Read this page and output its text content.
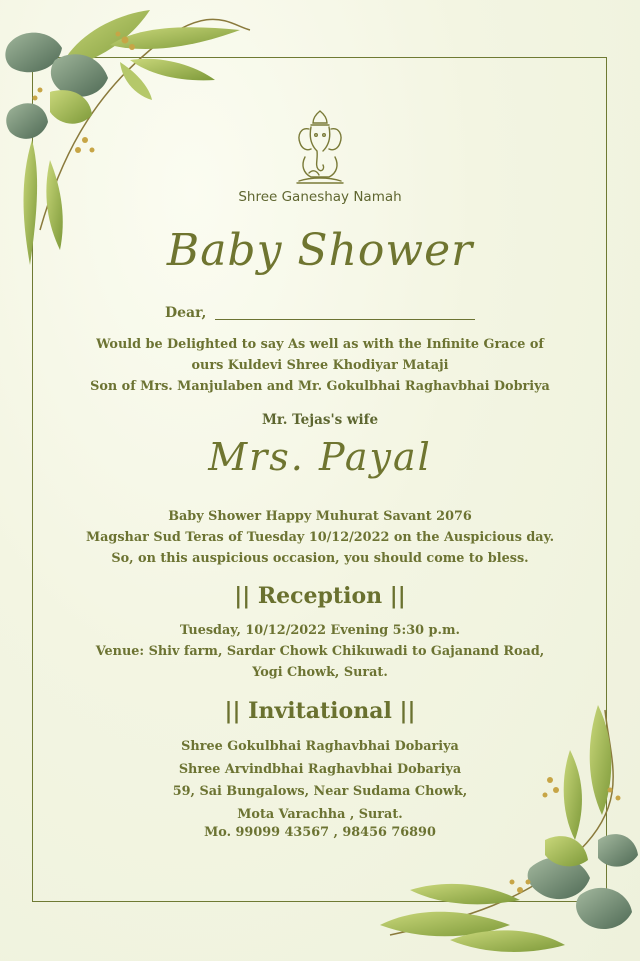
Shree Ganeshay Namah
Baby Shower
Dear,
Would be Delighted to say As well as with the Infinite Grace of
ours Kuldevi Shree Khodiyar Mataji
Son of Mrs. Manjulaben and Mr. Gokulbhai Raghavbhai Dobriya
Mr. Tejas's wife
Mrs. Payal
Baby Shower Happy Muhurat Savant 2076
Magshar Sud Teras of Tuesday 10/12/2022 on the Auspicious day.
So, on this auspicious occasion, you should come to bless.
|| Reception ||
Tuesday, 10/12/2022 Evening 5:30 p.m.
Venue: Shiv farm, Sardar Chowk Chikuwadi to Gajanand Road,
Yogi Chowk, Surat.
|| Invitational ||
Shree Gokulbhai Raghavbhai Dobariya
Shree Arvindbhai Raghavbhai Dobariya
59, Sai Bungalows, Near Sudama Chowk,
Mota Varachha , Surat.
Mo. 99099 43567 , 98456 76890
